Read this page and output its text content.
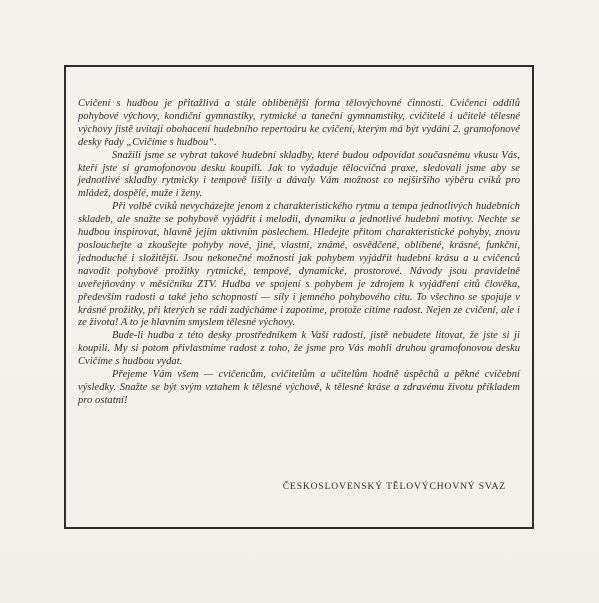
Cvičení s hudbou je přitažlivá a stále oblibenější forma tělovýchovné činnosti. Cvičenci oddílů pohybové výchovy, kondiční gymnastiky, rytmické a taneční gymnamstiky, cvičitelé i učitelé tělesné výchovy jistě uvítají obohacení hudebního repertoáru ke cvičení, kterým má být vydání 2. gramofonové desky řady „Cvičíme s hudbou“.

Snažili jsme se vybrat takové hudební skladby, které budou odpovídat současnému vkusu Vás, kteří jste si gramofonovou desku koupili. Jak to vyžaduje tělocvičná praxe, sledovali jsme aby se jednotlivé skladby rytmicky i tempově lišily a dávaly Vám možnost co nejširšího výběru cviků pro mládež, dospělé, muže i ženy.

Při volbě cviků nevycházejte jenom z charakteristického rytmu a tempa jednotlivých hudebních skladeb, ale snažte se pohybově vyjádřit i melodii, dynamiku a jednotlivé hudební motivy. Nechte se hudbou inspirovat, hlavně jejím aktivním poslechem. Hledejte přitom charakteristické pohyby, znovu poslouchejte a zkoušejte pohyby nové, jiné, vlastní, známé, osvědčené, oblíbené, krásné, funkční, jednoduché i složitější. Jsou nekonečné možnosti jak pohybem vyjádřit hudební krásu a u cvičenců navodit pohybové prožitky rytmické, tempové, dynamické, prostorové. Návody jsou pravidelně uveřejňovány v měsíčníku ZTV. Hudba ve spojení s pohybem je zdrojem k vyjádření citů člověka, především radosti a také jeho schopností — síly i jemného pohybového citu. To všechno se spojuje v krásné prožitky, při kterých se rádi zadýcháme i zapotíme, protože cítíme radost. Nejen ze cvičení, ale i ze života! A to je hlavním smyslem tělesné výchovy.

Bude-li hudba z této desky prostředníkem k Vaší radosti, jistě nebudete litovat, že jste si ji koupili. My si potom přivlastníme radost z toho, že jsme pro Vás mohli druhou gramofonovou desku Cvičíme s hudbou vydat.

Přejeme Vám všem — cvičencům, cvičitelům a učitelům hodně úspěchů a pěkné cvičební výsledky. Snažte se být svým vztahem k tělesné výchově, k tělesné kráse a zdravému životu příkladem pro ostatní!

ČESKOSLOVENSKÝ TĚLOVÝCHOVNÝ SVAZ
